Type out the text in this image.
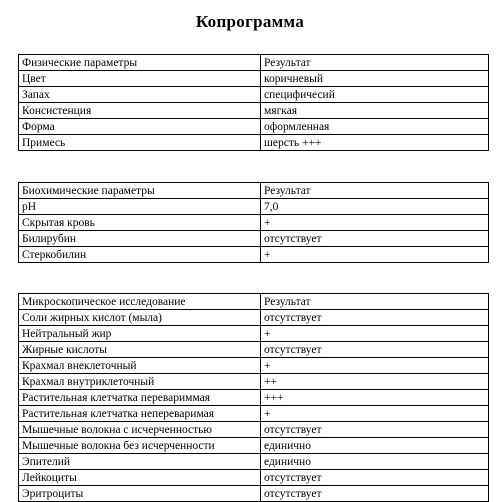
Копрограмма
Физические параметры	Результат
Цвет	коричневый
Запах	специфичесий
Консистенция	мягкая
Форма	оформленная
Примесь	шерсть +++
Биохимические параметры	Результат
pH	7,0
Скрытая кровь	+
Билирубин	отсутствует
Стеркобилин	+
Микроскопическое исследование	Результат
Соли жирных кислот (мыла)	отсутствует
Нейтральный жир	+
Жирные кислоты	отсутствует
Крахмал внеклеточный	+
Крахмал внутриклеточный	++
Растительная клетчатка перевариммая	+++
Растительная клетчатка непереваримая	+
Мышечные волокна с исчерченностью	отсутствует
Мышечные волокна без исчерченности	единично
Эпителий	единично
Лейкоциты	отсутствует
Эритроциты	отсутствует
